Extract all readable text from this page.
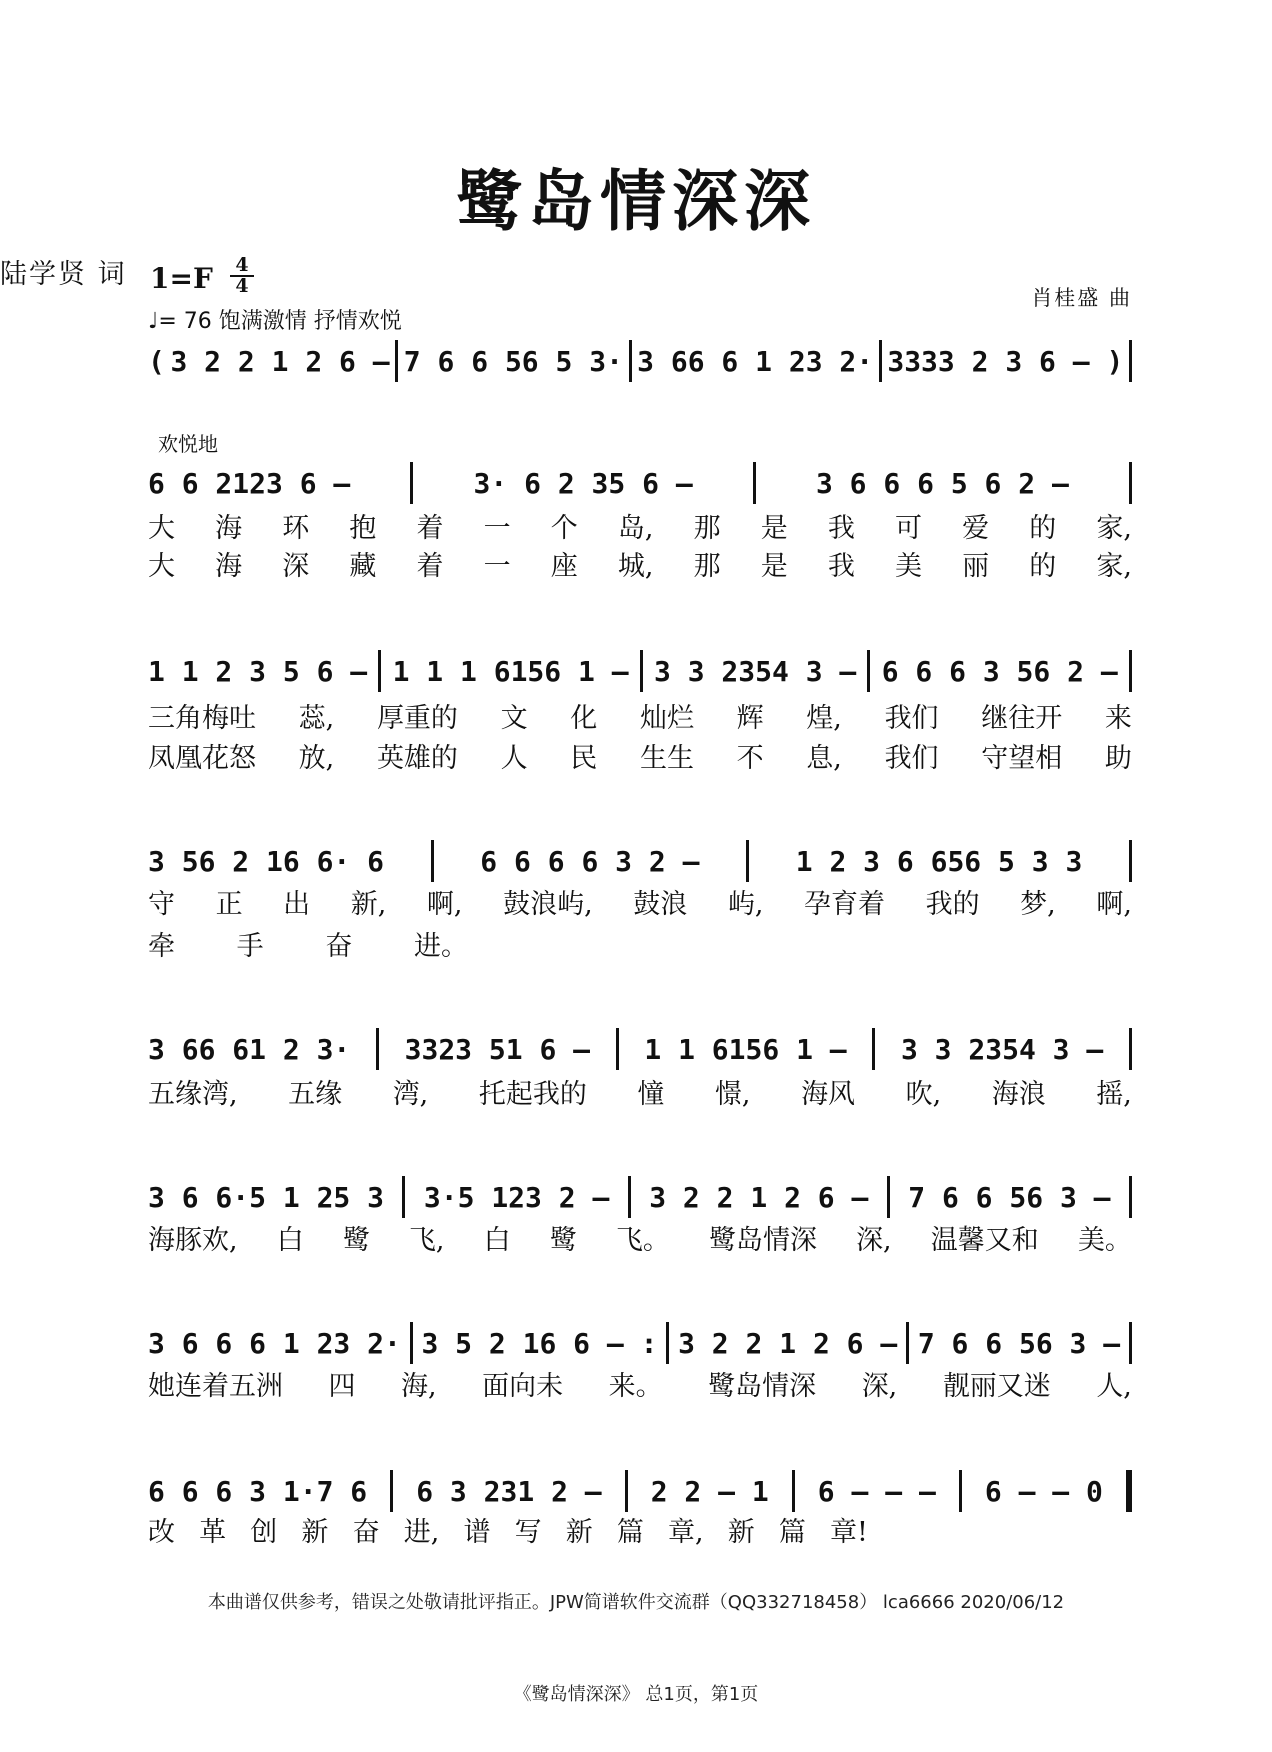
鹭岛情深深
$1=F \frac{4}{4}$
♩= 76 饱满激情 抒情欢悦
陆学贤 词
肖桂盛 曲
( 3 2 2 1 2 6 – 7 6 6 56 5 3· 3 66 6 1 23 2· 3333 2 3 6 – )
欢悦地
6 6 2123 6 –	3· 6 2 35 6 –	3 6 6 6 5 6 2 –
大 海 环 抱 着 一 个 岛, 那 是 我 可 爱 的 家,
大 海 深 藏 着 一 座 城, 那 是 我 美 丽 的 家,
1 1 2 3 5 6 – 1 1 1 6156 1 – 3 3 2354 3 – 6 6 6 3 56 2 –
三角梅吐 蕊, 厚重的 文 化 灿烂 辉 煌, 我们 继往开 来
凤凰花怒 放, 英雄的 人 民 生生 不 息, 我们 守望相 助
3 56 2 16 6· 6	6 6 6 6 3 2 –	1 2 3 6 656 5 3 3
守 正 出 新, 啊, 鼓浪屿, 鼓浪 屿, 孕育着 我的 梦, 啊,
牵 手 奋 进。
3 66 61 2 3· 3323 51 6 – 1 1 6156 1 – 3 3 2354 3 –
五缘湾, 五缘 湾, 托起我的 憧 憬, 海风 吹, 海浪 摇,
3 6 6·5 1 25 3 3·5 123 2 – 3 2 2 1 2 6 – 7 6 6 56 3 –
海豚欢, 白 鹭 飞, 白 鹭 飞。 鹭岛情深 深, 温馨又和 美。
3 6 6 6 1 23 2· 3 5 2 16 6 – : 3 2 2 1 2 6 – 7 6 6 56 3 –
她连着五洲 四 海, 面向未 来。 鹭岛情深 深, 靓丽又迷 人,
6 6 6 3 1·7 6 6 3 231 2 – 2 2 – 1 6 – – – 6 – – 0
改 革 创 新 奋 进, 谱 写 新 篇 章, 新 篇 章!
本曲谱仅供参考，错误之处敬请批评指正。JPW简谱软件交流群（QQ332718458） lca6666 2020/06/12
《鹭岛情深深》 总1页，第1页
